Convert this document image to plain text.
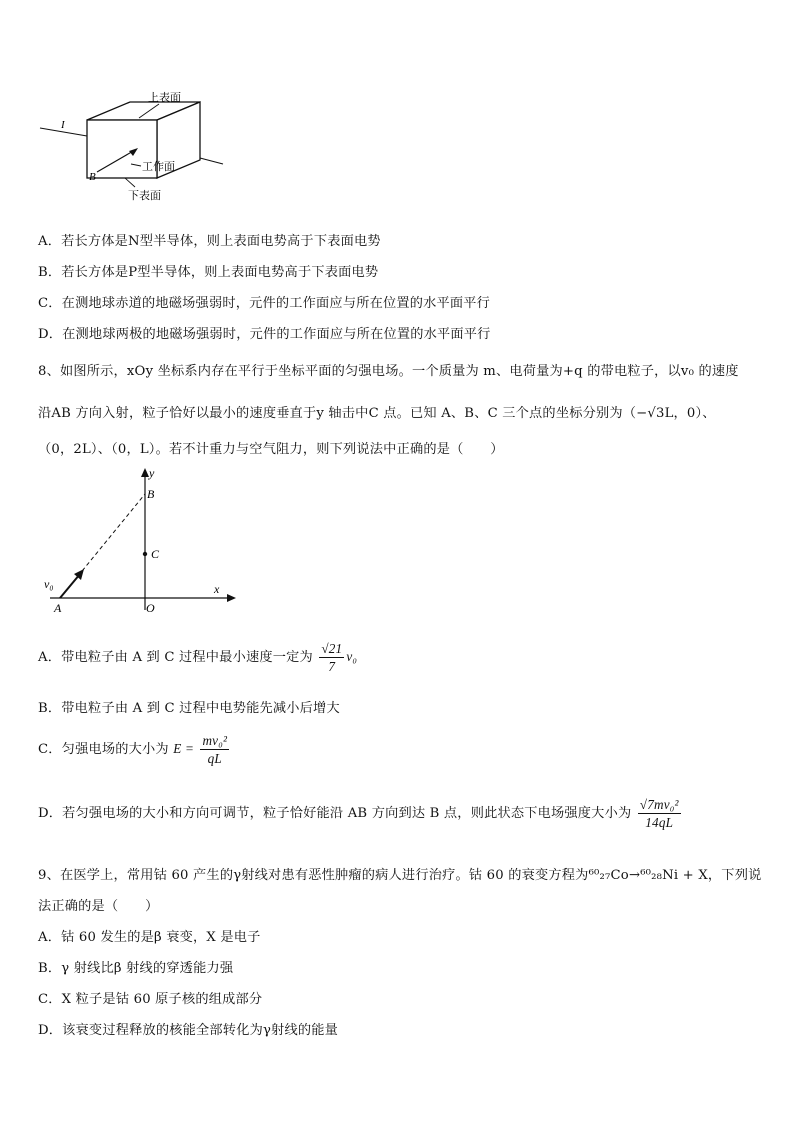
上表面
工作面
下表面
I
B
A．若长方体是N型半导体，则上表面电势高于下表面电势
B．若长方体是P型半导体，则上表面电势高于下表面电势
C．在测地球赤道的地磁场强弱时，元件的工作面应与所在位置的水平面平行
D．在测地球两极的地磁场强弱时，元件的工作面应与所在位置的水平面平行
8、如图所示，xOy 坐标系内存在平行于坐标平面的匀强电场。一个质量为 m、电荷量为+q 的带电粒子，以v₀ 的速度
沿AB 方向入射，粒子恰好以最小的速度垂直于y 轴击中C 点。已知 A、B、C 三个点的坐标分别为（−√3L，0）、
（0，2L）、（0，L）。若不计重力与空气阻力，则下列说法中正确的是（　　）
y
x
B
C
O
A
v₀
A．带电粒子由 A 到 C 过程中最小速度一定为 $\frac{√21}{7} v_0$
B．带电粒子由 A 到 C 过程中电势能先减小后增大
C．匀强电场的大小为 $E = \frac{\text{mv₀²}}{qL}$
D．若匀强电场的大小和方向可调节，粒子恰好能沿 AB 方向到达 B 点，则此状态下电场强度大小为 $\frac{\text{√7mv₀²}}{14qL}$
9、在医学上，常用钴 60 产生的γ射线对患有恶性肿瘤的病人进行治疗。钴 60 的衰变方程为⁶⁰₂₇Co→⁶⁰₂₈Ni + X，下列说
法正确的是（　　）
A．钴 60 发生的是β 衰变，X 是电子
B．γ 射线比β 射线的穿透能力强
C．X 粒子是钴 60 原子核的组成部分
D．该衰变过程释放的核能全部转化为γ射线的能量
